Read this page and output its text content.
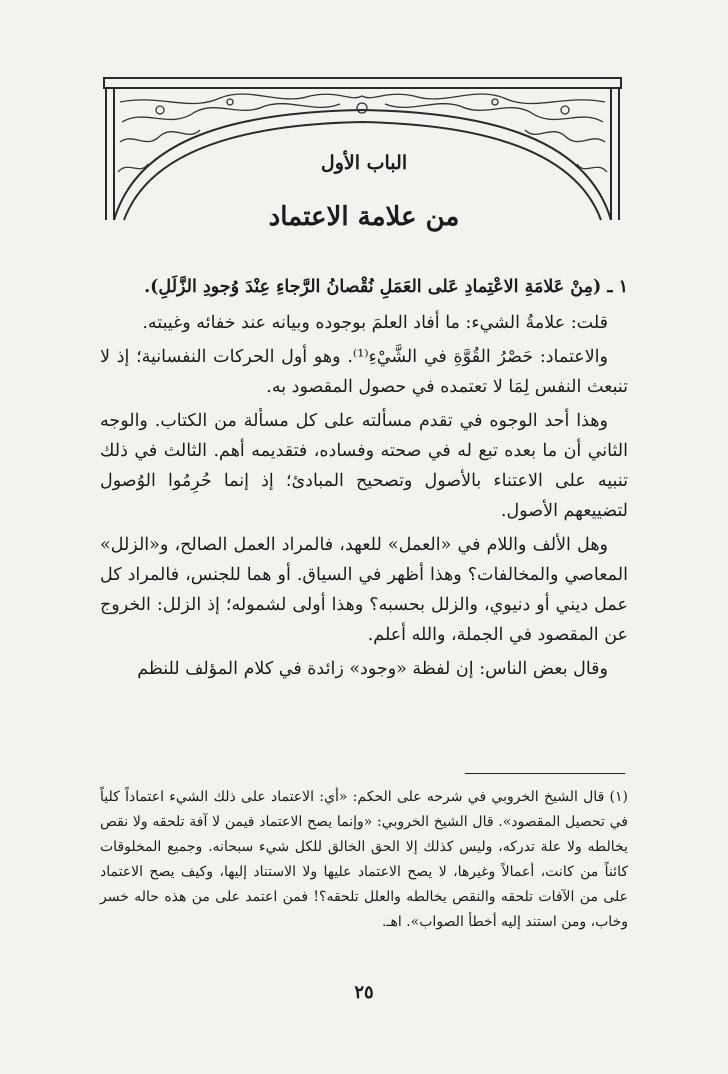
الباب الأول
من علامة الاعتماد

١ ـ (مِنْ عَلامَةِ الاعْتِمادِ عَلى العَمَلِ نُقْصانُ الرَّجاءِ عِنْدَ وُجودِ الزَّلَلِ).

قلت: علامةُ الشيء: ما أفاد العلمَ بوجوده وبيانه عند خفائه وغيبته.

والاعتماد: حَصْرُ القُوَّةِ في الشَّيْءِ⁽¹⁾. وهو أول الحركات النفسانية؛ إذ لا تنبعث النفس لِمَا لا تعتمده في حصول المقصود به.

وهذا أحد الوجوه في تقدم مسألته على كل مسألة من الكتاب. والوجه الثاني أن ما بعده تبع له في صحته وفساده، فتقديمه أهم. الثالث في ذلك تنبيه على الاعتناء بالأصول وتصحيح المبادئ؛ إذ إنما حُرِمُوا الوُصول لتضييعهم الأصول.

وهل الألف واللام في «العمل» للعهد، فالمراد العمل الصالح، و«الزلل» المعاصي والمخالفات؟ وهذا أظهر في السياق. أو هما للجنس، فالمراد كل عمل ديني أو دنيوي، والزلل بحسبه؟ وهذا أولى لشموله؛ إذ الزلل: الخروج عن المقصود في الجملة، والله أعلم.

وقال بعض الناس: إن لفظة «وجود» زائدة في كلام المؤلف للنظم

(١) قال الشيخ الخروبي في شرحه على الحكم: «أي: الاعتماد على ذلك الشيء اعتماداً كلياً في تحصيل المقصود». قال الشيخ الخروبي: «وإنما يصح الاعتماد فيمن لا آفة تلحقه ولا نقص يخالطه ولا علة تدركه، وليس كذلك إلا الحق الخالق للكل شيء سبحانه. وجميع المخلوقات كائناً من كانت، أعمالاً وغيرها، لا يصح الاعتماد عليها ولا الاستناد إليها، وكيف يصح الاعتماد على من الآفات تلحقه والنقص يخالطه والعلل تلحقه؟! فمن اعتمد على من هذه حاله خسر وخاب، ومن استند إليه أخطأ الصواب». اهـ.
٢٥
